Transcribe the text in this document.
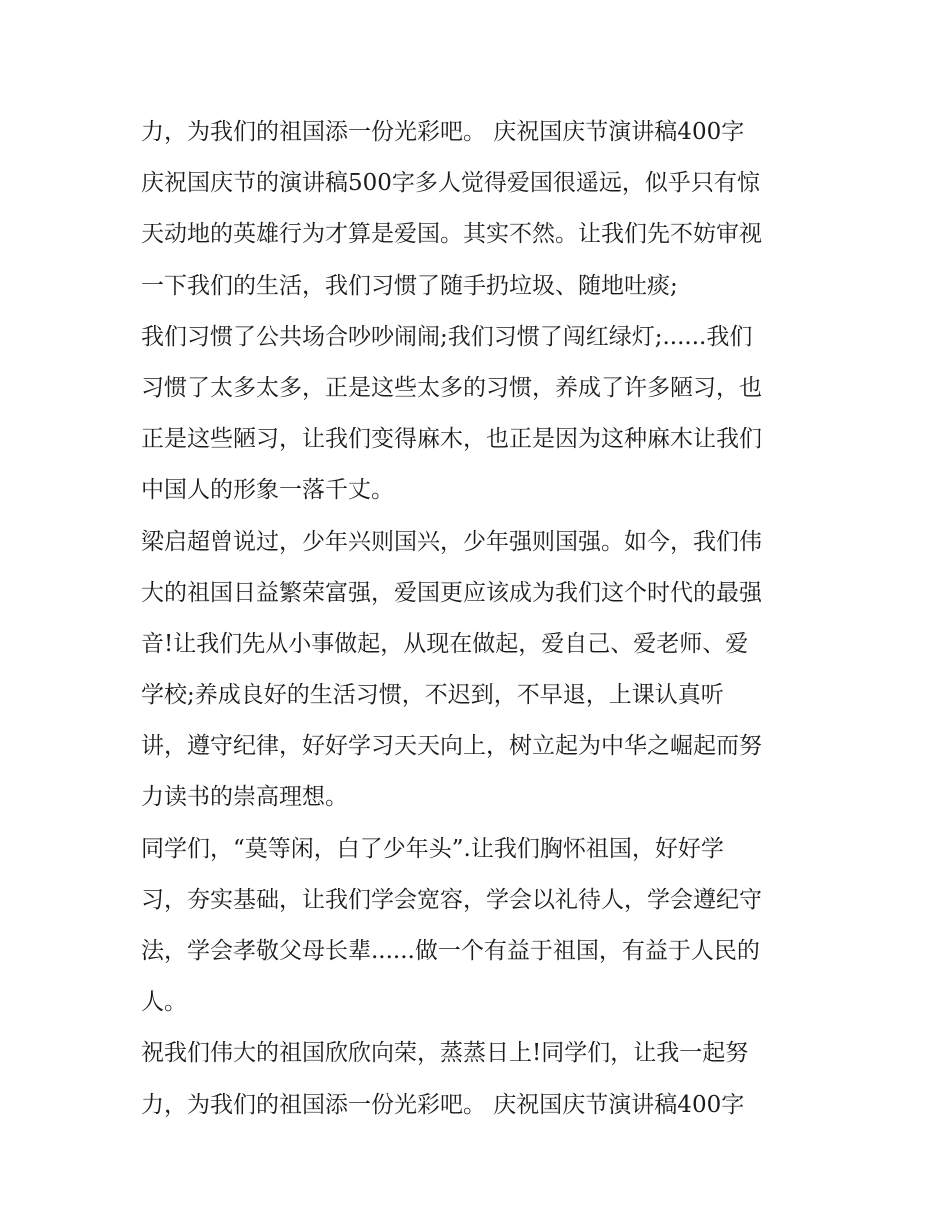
力，为我们的祖国添一份光彩吧。 庆祝国庆节演讲稿400字
庆祝国庆节的演讲稿500字多人觉得爱国很遥远，似乎只有惊
天动地的英雄行为才算是爱国。其实不然。让我们先不妨审视
一下我们的生活，我们习惯了随手扔垃圾、随地吐痰;
我们习惯了公共场合吵吵闹闹;我们习惯了闯红绿灯;......我们
习惯了太多太多，正是这些太多的习惯，养成了许多陋习，也
正是这些陋习，让我们变得麻木，也正是因为这种麻木让我们
中国人的形象一落千丈。
梁启超曾说过，少年兴则国兴，少年强则国强。如今，我们伟
大的祖国日益繁荣富强，爱国更应该成为我们这个时代的最强
音!让我们先从小事做起，从现在做起，爱自己、爱老师、爱
学校;养成良好的生活习惯，不迟到，不早退，上课认真听
讲，遵守纪律，好好学习天天向上，树立起为中华之崛起而努
力读书的崇高理想。
同学们，“莫等闲，白了少年头”.让我们胸怀祖国，好好学
习，夯实基础，让我们学会宽容，学会以礼待人，学会遵纪守
法，学会孝敬父母长辈......做一个有益于祖国，有益于人民的
人。
祝我们伟大的祖国欣欣向荣，蒸蒸日上!同学们，让我一起努
力，为我们的祖国添一份光彩吧。 庆祝国庆节演讲稿400字
